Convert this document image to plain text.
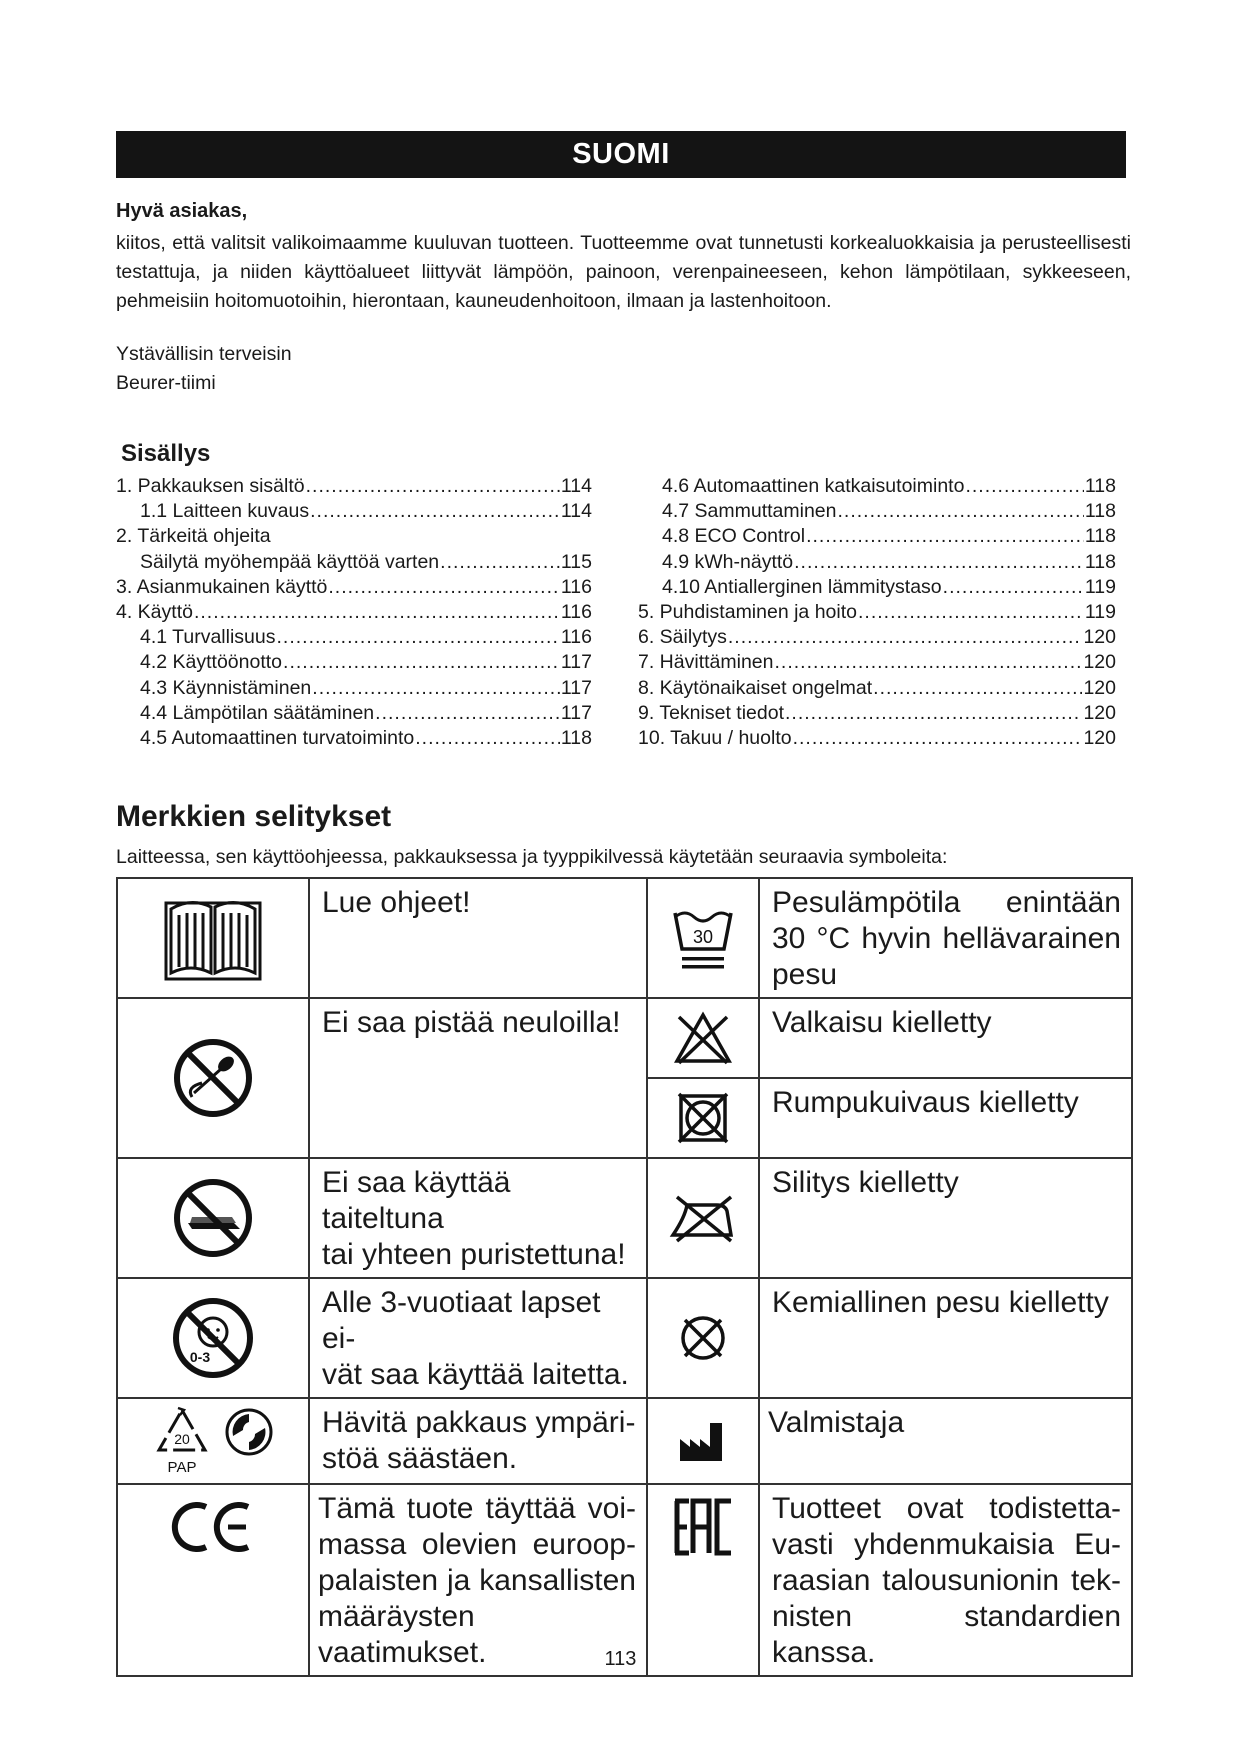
SUOMI
Hyvä asiakas,
kiitos, että valitsit valikoimaamme kuuluvan tuotteen. Tuotteemme ovat tunnetusti korkealuokkaisia ja perusteellisesti testattuja, ja niiden käyttöalueet liittyvät lämpöön, painoon, verenpaineeseen, kehon lämpötilaan, sykkeeseen, pehmeisiin hoitomuotoihin, hierontaan, kauneudenhoitoon, ilmaan ja lastenhoitoon.
Ystävällisin terveisin
Beurer-tiimi
Sisällys
1. Pakkauksen sisältö .....	114
1.1 Laitteen kuvaus .....	114
2. Tärkeitä ohjeita
Säilytä myöhempää käyttöä varten .....	115
3. Asianmukainen käyttö .....	116
4. Käyttö .....	116
4.1 Turvallisuus .....	116
4.2 Käyttöönotto .....	117
4.3 Käynnistäminen .....	117
4.4 Lämpötilan säätäminen .....	117
4.5 Automaattinen turvatoiminto .....	118
4.6 Automaattinen katkaisutoiminto .....	118
4.7 Sammuttaminen .....	118
4.8 ECO Control .....	118
4.9 kWh-näyttö .....	118
4.10 Antiallerginen lämmitystaso .....	119
5. Puhdistaminen ja hoito .....	119
6. Säilytys .....	120
7. Hävittäminen .....	120
8. Käytönaikaiset ongelmat .....	120
9. Tekniset tiedot .....	120
10. Takuu / huolto .....	120
Merkkien selitykset
Laitteessa, sen käyttöohjeessa, pakkauksessa ja tyyppikilvessä käytetään seuraavia symboleita:

Lue ohjeet!	30	Pesulämpötila enintään
30 °C hyvin hellävarainen
pesu

Ei saa pistää neuloilla!		Valkaisu kielletty

Rumpukuivaus kielletty

Ei saa käyttää taiteltuna
tai yhteen puristettuna!		Silitys kielletty

0-3	Alle 3-vuotiaat lapset ei-
vät saa käyttää laitetta.		Kemiallinen pesu kielletty

20
PAP	Hävitä pakkaus ympäri-
stöä säästäen.		Valmistaja

Tämä tuote täyttää voi-
massa olevien euroop-
palaisten ja kansallisten
määräysten vaatimukset.		Tuotteet ovat todistetta-
vasti yhdenmukaisia Eu-
raasian talousunionin tek-
nisten standardien kanssa.
113
